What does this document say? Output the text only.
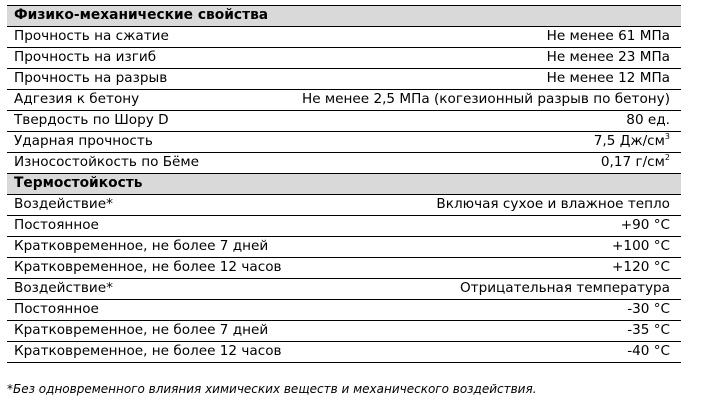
Физико-механические свойства
Прочность на сжатие	Не менее 61 МПа
Прочность на изгиб	Не менее 23 МПа
Прочность на разрыв	Не менее 12 МПа
Адгезия к бетону	Не менее 2,5 МПа (когезионный разрыв по бетону)
Твердость по Шору D	80 ед.
Ударная прочность	7,5 $Дж/см^3$
Износостойкость по Бёме	0,17 $г/см^2$
Термостойкость
Воздействие*	Включая сухое и влажное тепло
Постоянное	+90 °C
Кратковременное, не более 7 дней	+100 °C
Кратковременное, не более 12 часов	+120 °C
Воздействие*	Отрицательная температура
Постоянное	-30 °C
Кратковременное, не более 7 дней	-35 °C
Кратковременное, не более 12 часов	-40 °C
*Без одновременного влияния химических веществ и механического воздействия.
